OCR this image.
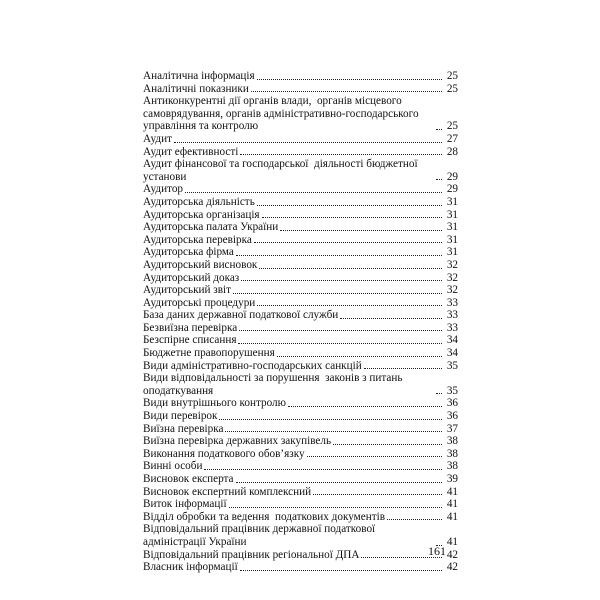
Аналітична інформація	25
Аналітичні показники	25
Антиконкурентні дії органів влади,  органів місцевого самоврядування, органів адміністративно-господарського управління та контролю	25
Аудит	27
Аудит ефективності	28
Аудит фінансової та господарської  діяльності бюджетної установи	29
Аудитор	29
Аудиторська діяльність	31
Аудиторська організація	31
Аудиторська палата України	31
Аудиторська перевірка	31
Аудиторська фірма	31
Аудиторський висновок	32
Аудиторський доказ	32
Аудиторський звіт	32
Аудиторські процедури	33
База даних державної податкової служби	33
Безвиїзна перевірка	33
Безспірне списання	34
Бюджетне правопорушення	34
Види адміністративно-господарських санкцій	35
Види відповідальності за порушення  законів з питань оподаткування	35
Види внутрішнього контролю	36
Види перевірок	36
Виїзна перевірка	37
Виїзна перевірка державних закупівель	38
Виконання податкового обов’язку	38
Винні особи	38
Висновок експерта	39
Висновок експертний комплексний	41
Виток інформації	41
Відділ обробки та ведення  податкових документів	41
Відповідальний працівник державної податкової адміністрації України	41
Відповідальний працівник регіональної ДПА	42
Власник інформації	42
161
